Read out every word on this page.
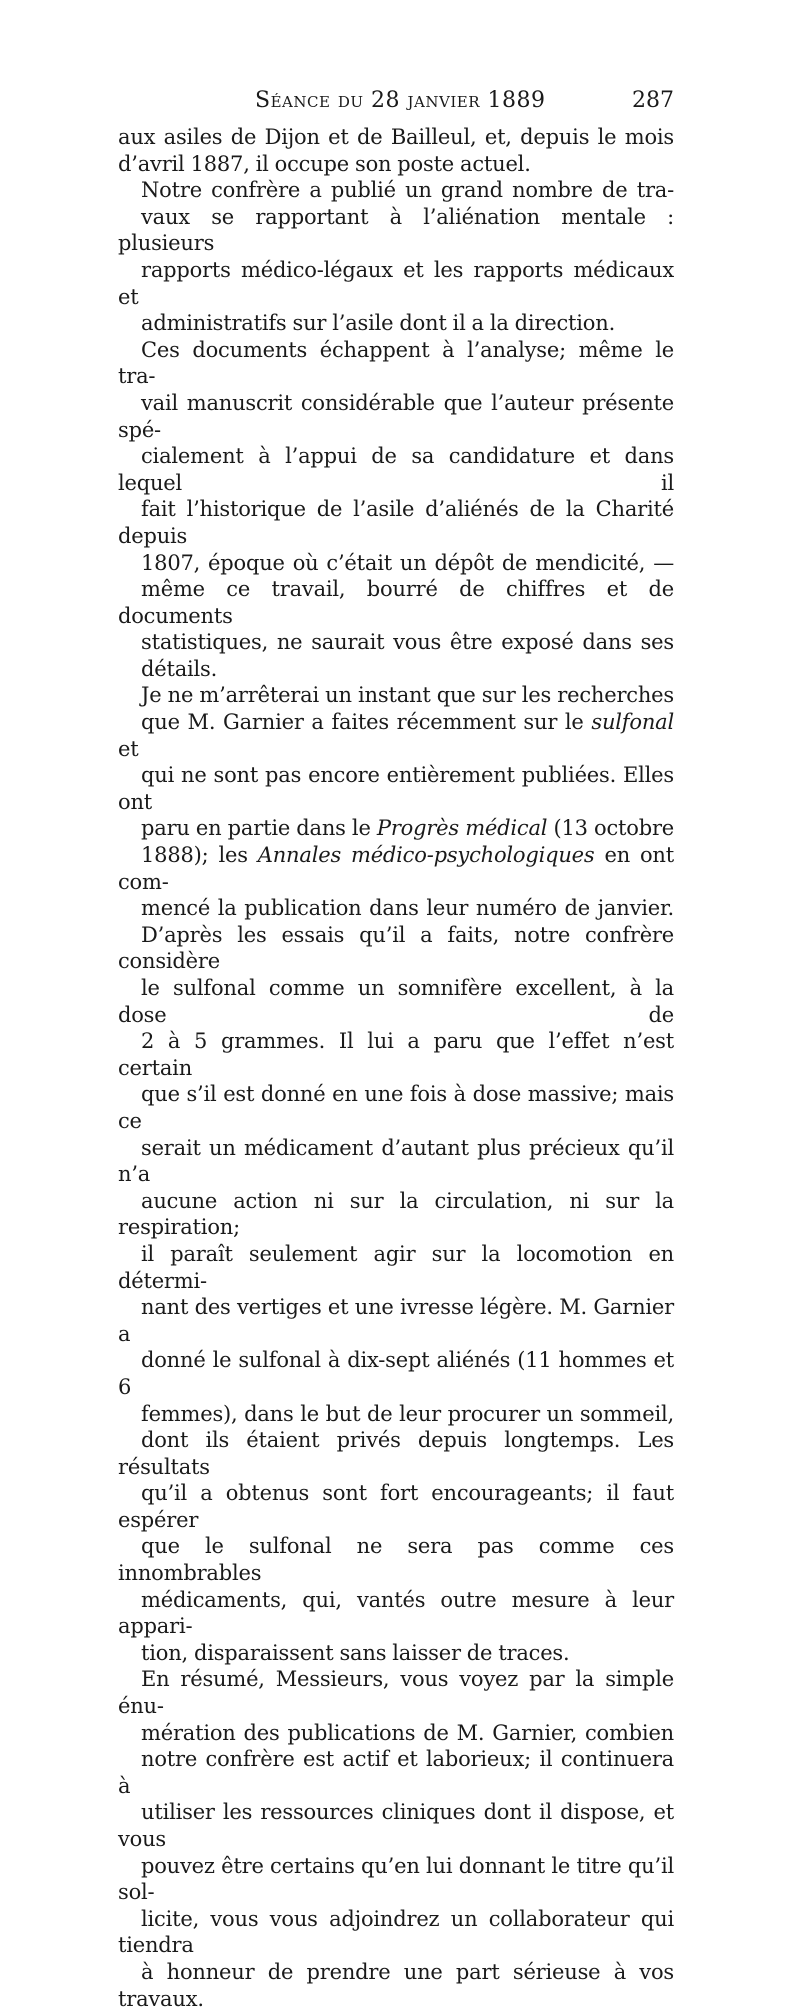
Séance du 28 janvier 1889	287

aux asiles de Dijon et de Bailleul, et, depuis le mois
d’avril 1887, il occupe son poste actuel.

Notre confrère a publié un grand nombre de tra-
vaux se rapportant à l’aliénation mentale : plusieurs
rapports médico-légaux et les rapports médicaux et
administratifs sur l’asile dont il a la direction.

Ces documents échappent à l’analyse; même le tra-
vail manuscrit considérable que l’auteur présente spé-
cialement à l’appui de sa candidature et dans lequel il
fait l’historique de l’asile d’aliénés de la Charité depuis
1807, époque où c’était un dépôt de mendicité, —
même ce travail, bourré de chiffres et de documents
statistiques, ne saurait vous être exposé dans ses
détails.

Je ne m’arrêterai un instant que sur les recherches
que M. Garnier a faites récemment sur le sulfonal et
qui ne sont pas encore entièrement publiées. Elles ont
paru en partie dans le Progrès médical (13 octobre
1888); les Annales médico-psychologiques en ont com-
mencé la publication dans leur numéro de janvier.
D’après les essais qu’il a faits, notre confrère considère
le sulfonal comme un somnifère excellent, à la dose de
2 à 5 grammes. Il lui a paru que l’effet n’est certain
que s’il est donné en une fois à dose massive; mais ce
serait un médicament d’autant plus précieux qu’il n’a
aucune action ni sur la circulation, ni sur la respiration;
il paraît seulement agir sur la locomotion en détermi-
nant des vertiges et une ivresse légère. M. Garnier a
donné le sulfonal à dix-sept aliénés (11 hommes et 6
femmes), dans le but de leur procurer un sommeil,
dont ils étaient privés depuis longtemps. Les résultats
qu’il a obtenus sont fort encourageants; il faut espérer
que le sulfonal ne sera pas comme ces innombrables
médicaments, qui, vantés outre mesure à leur appari-
tion, disparaissent sans laisser de traces.

En résumé, Messieurs, vous voyez par la simple énu-
mération des publications de M. Garnier, combien
notre confrère est actif et laborieux; il continuera à
utiliser les ressources cliniques dont il dispose, et vous
pouvez être certains qu’en lui donnant le titre qu’il sol-
licite, vous vous adjoindrez un collaborateur qui tiendra
à honneur de prendre une part sérieuse à vos travaux.
